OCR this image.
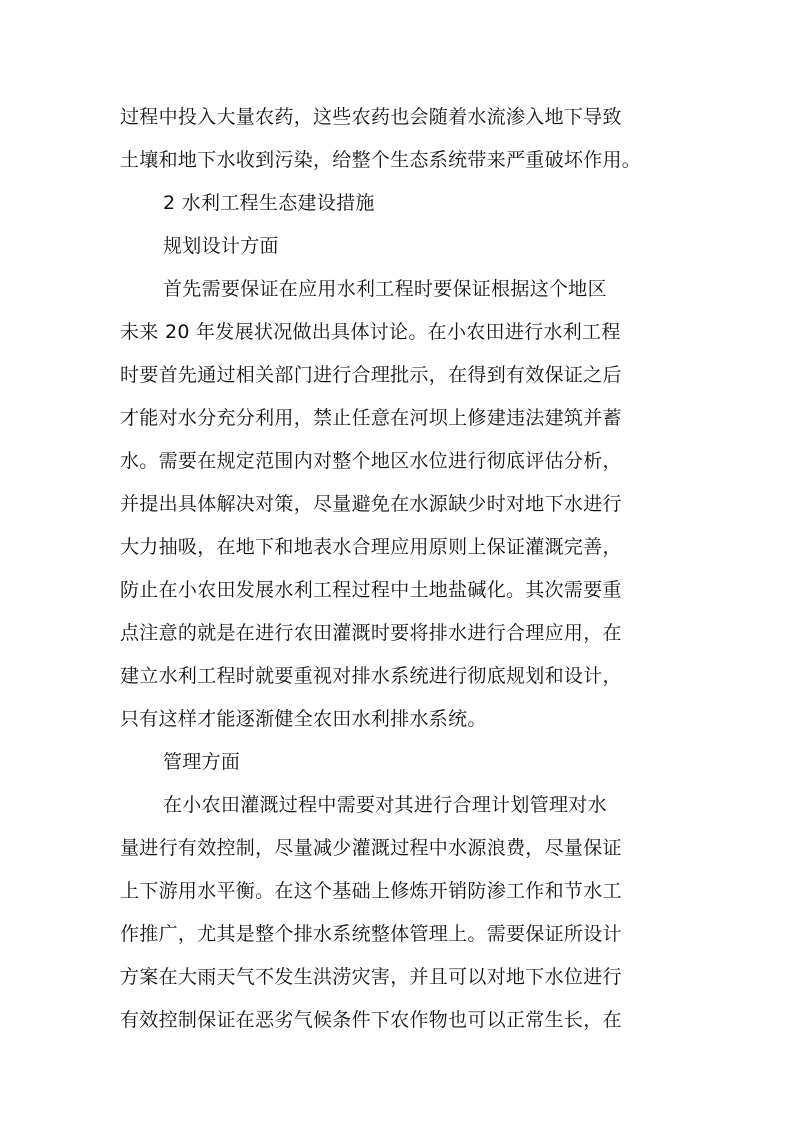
过程中投入大量农药，这些农药也会随着水流渗入地下导致
土壤和地下水收到污染，给整个生态系统带来严重破坏作用。
2 水利工程生态建设措施
规划设计方面
首先需要保证在应用水利工程时要保证根据这个地区
未来 20 年发展状况做出具体讨论。在小农田进行水利工程
时要首先通过相关部门进行合理批示，在得到有效保证之后
才能对水分充分利用，禁止任意在河坝上修建违法建筑并蓄
水。需要在规定范围内对整个地区水位进行彻底评估分析，
并提出具体解决对策，尽量避免在水源缺少时对地下水进行
大力抽吸，在地下和地表水合理应用原则上保证灌溉完善，
防止在小农田发展水利工程过程中土地盐碱化。其次需要重
点注意的就是在进行农田灌溉时要将排水进行合理应用，在
建立水利工程时就要重视对排水系统进行彻底规划和设计，
只有这样才能逐渐健全农田水利排水系统。
管理方面
在小农田灌溉过程中需要对其进行合理计划管理对水
量进行有效控制，尽量减少灌溉过程中水源浪费，尽量保证
上下游用水平衡。在这个基础上修炼开销防渗工作和节水工
作推广，尤其是整个排水系统整体管理上。需要保证所设计
方案在大雨天气不发生洪涝灾害，并且可以对地下水位进行
有效控制保证在恶劣气候条件下农作物也可以正常生长，在
